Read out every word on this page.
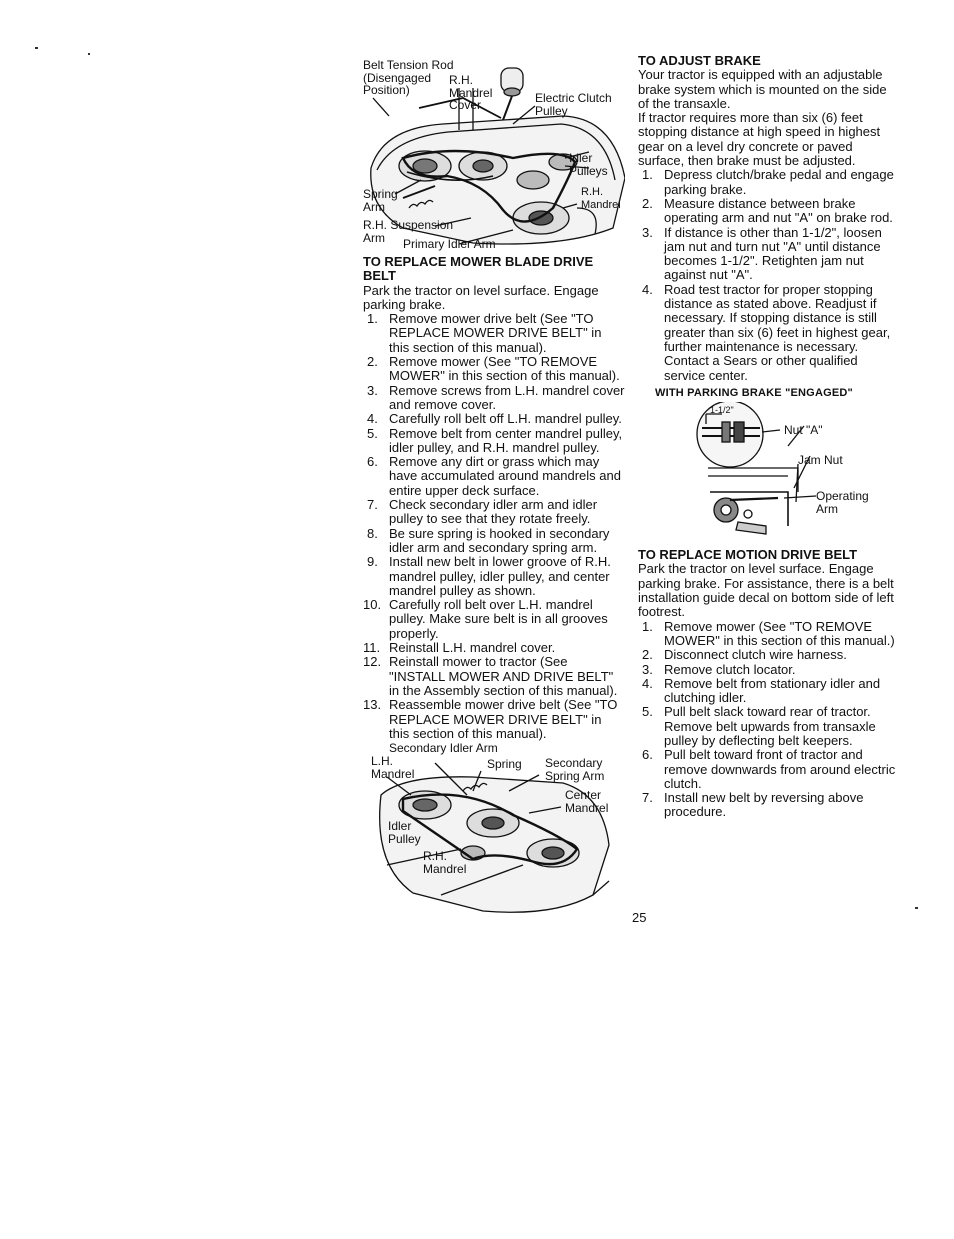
Belt Tension Rod
(Disengaged
Position)
R.H.
Mandrel
Cover	Electric Clutch
Pulley
Idler
Pulleys
Spring
Arm
R.H.
Mandrel
R.H. Suspension
Arm	Primary Idler Arm
TO REPLACE MOWER BLADE DRIVE BELT

Park the tractor on level surface. Engage parking brake.

1. Remove mower drive belt (See "TO REPLACE MOWER DRIVE BELT" in this section of this manual).
2. Remove mower (See "TO REMOVE MOWER" in this section of this manual).
3. Remove screws from L.H. mandrel cover and remove cover.
4. Carefully roll belt off L.H. mandrel pulley.
5. Remove belt from center mandrel pulley, idler pulley, and R.H. mandrel pulley.
6. Remove any dirt or grass which may have accumulated around mandrels and entire upper deck surface.
7. Check secondary idler arm and idler pulley to see that they rotate freely.
8. Be sure spring is hooked in secondary idler arm and secondary spring arm.
9. Install new belt in lower groove of R.H. mandrel pulley, idler pulley, and center mandrel pulley as shown.
10. Carefully roll belt over L.H. mandrel pulley. Make sure belt is in all grooves properly.
11. Reinstall L.H. mandrel cover.
12. Reinstall mower to tractor (See "INSTALL MOWER AND DRIVE BELT" in the Assembly section of this manual).
13. Reassemble mower drive belt (See "TO REPLACE MOWER DRIVE BELT" in this section of this manual).
L.H.
Mandrel
Secondary Idler Arm
Spring Secondary
Spring Arm
Center
Mandrel
Idler
Pulley
R.H.
Mandrel
TO ADJUST BRAKE

Your tractor is equipped with an adjustable brake system which is mounted on the side of the transaxle.

If tractor requires more than six (6) feet stopping distance at high speed in highest gear on a level dry concrete or paved surface, then brake must be adjusted.

1. Depress clutch/brake pedal and engage parking brake.
2. Measure distance between brake operating arm and nut "A" on brake rod.
3. If distance is other than 1-1/2", loosen jam nut and turn nut "A" until distance becomes 1-1/2". Retighten jam nut against nut "A".
4. Road test tractor for proper stopping distance as stated above. Readjust if necessary. If stopping distance is still greater than six (6) feet in highest gear, further maintenance is necessary. Contact a Sears or other qualified service center.
WITH PARKING BRAKE "ENGAGED"
1-1/2"
Nut "A"
Jam Nut
Operating
Arm
TO REPLACE MOTION DRIVE BELT

Park the tractor on level surface. Engage parking brake. For assistance, there is a belt installation guide decal on bottom side of left footrest.

1. Remove mower (See "TO REMOVE MOWER" in this section of this manual.)
2. Disconnect clutch wire harness.
3. Remove clutch locator.
4. Remove belt from stationary idler and clutching idler.
5. Pull belt slack toward rear of tractor. Remove belt upwards from transaxle pulley by deflecting belt keepers.
6. Pull belt toward front of tractor and remove downwards from around electric clutch.
7. Install new belt by reversing above procedure.
25
